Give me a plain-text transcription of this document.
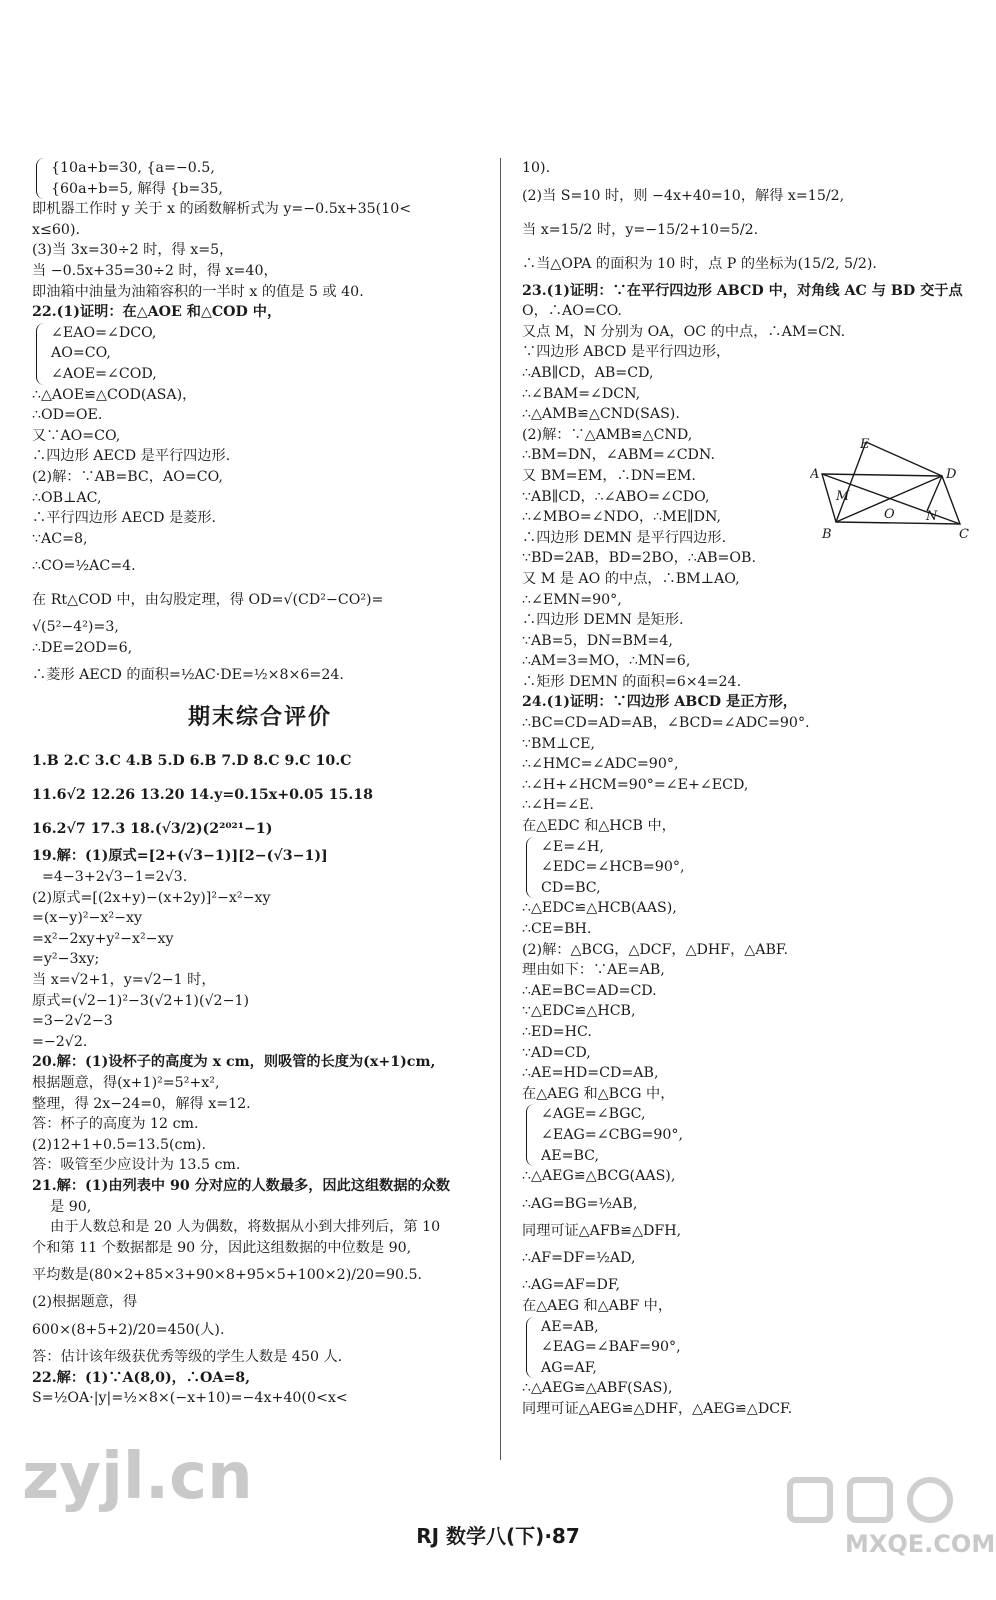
{10a+b=30, {a=−0.5,
{60a+b=5, 解得 {b=35,
即机器工作时 y 关于 x 的函数解析式为 y=−0.5x+35(10<
x≤60).
(3)当 3x=30÷2 时，得 x=5，
当 −0.5x+35=30÷2 时，得 x=40，
即油箱中油量为油箱容积的一半时 x 的值是 5 或 40.
22.(1)证明：在△AOE 和△COD 中，
∠EAO=∠DCO,
AO=CO,
∠AOE=∠COD,
∴△AOE≌△COD(ASA)，
∴OD=OE.
又∵AO=CO,
∴四边形 AECD 是平行四边形.
(2)解：∵AB=BC，AO=CO,
∴OB⊥AC,
∴平行四边形 AECD 是菱形.
∵AC=8,
∴CO=½AC=4.
在 Rt△COD 中，由勾股定理，得 OD=√(CD²−CO²)=
√(5²−4²)=3,
∴DE=2OD=6,
∴菱形 AECD 的面积=½AC·DE=½×8×6=24.
期末综合评价
1.B 2.C 3.C 4.B 5.D 6.B 7.D 8.C 9.C 10.C
11.6√2 12.26 13.20 14.y=0.15x+0.05 15.18
16.2√7 17.3 18.(√3/2)(2²⁰²¹−1)
19.解：(1)原式=[2+(√3−1)][2−(√3−1)]
=4−3+2√3−1=2√3.
(2)原式=[(2x+y)−(x+2y)]²−x²−xy
=(x−y)²−x²−xy
=x²−2xy+y²−x²−xy
=y²−3xy;
当 x=√2+1，y=√2−1 时，
原式=(√2−1)²−3(√2+1)(√2−1)
=3−2√2−3
=−2√2.
20.解：(1)设杯子的高度为 x cm，则吸管的长度为(x+1)cm,
根据题意，得(x+1)²=5²+x²,
整理，得 2x−24=0，解得 x=12.
答：杯子的高度为 12 cm.
(2)12+1+0.5=13.5(cm).
答：吸管至少应设计为 13.5 cm.
21.解：(1)由列表中 90 分对应的人数最多，因此这组数据的众数
是 90,
由于人数总和是 20 人为偶数，将数据从小到大排列后，第 10
个和第 11 个数据都是 90 分，因此这组数据的中位数是 90,
平均数是(80×2+85×3+90×8+95×5+100×2)/20=90.5.
(2)根据题意，得
600×(8+5+2)/20=450(人).
答：估计该年级获优秀等级的学生人数是 450 人.
22.解：(1)∵A(8,0)，∴OA=8,
S=½OA·|y|=½×8×(−x+10)=−4x+40(0<x<
10).
(2)当 S=10 时，则 −4x+40=10，解得 x=15/2,
当 x=15/2 时，y=−15/2+10=5/2.
∴当△OPA 的面积为 10 时，点 P 的坐标为(15/2, 5/2).
23.(1)证明：∵在平行四边形 ABCD 中，对角线 AC 与 BD 交于点
O，∴AO=CO.
又点 M，N 分别为 OA，OC 的中点，∴AM=CN.
∵四边形 ABCD 是平行四边形，
∴AB∥CD，AB=CD,
∴∠BAM=∠DCN,
∴△AMB≌△CND(SAS).
(2)解：∵△AMB≌△CND,
∴BM=DN，∠ABM=∠CDN.
又 BM=EM，∴DN=EM.
∵AB∥CD，∴∠ABO=∠CDO,
∴∠MBO=∠NDO，∴ME∥DN,
∴四边形 DEMN 是平行四边形.
∵BD=2AB，BD=2BO，∴AB=OB.
又 M 是 AO 的中点，∴BM⊥AO,
∴∠EMN=90°,
∴四边形 DEMN 是矩形.
∵AB=5，DN=BM=4,
∴AM=3=MO，∴MN=6,
∴矩形 DEMN 的面积=6×4=24.
24.(1)证明：∵四边形 ABCD 是正方形，
∴BC=CD=AD=AB，∠BCD=∠ADC=90°.
∵BM⊥CE,
∴∠HMC=∠ADC=90°,
∴∠H+∠HCM=90°=∠E+∠ECD,
∴∠H=∠E.
在△EDC 和△HCB 中，
∠E=∠H,
∠EDC=∠HCB=90°,
CD=BC,
∴△EDC≌△HCB(AAS),
∴CE=BH.
(2)解：△BCG，△DCF，△DHF，△ABF.
理由如下：∵AE=AB,
∴AE=BC=AD=CD.
∵△EDC≌△HCB,
∴ED=HC.
∵AD=CD,
∴AE=HD=CD=AB,
在△AEG 和△BCG 中，
∠AGE=∠BGC,
∠EAG=∠CBG=90°,
AE=BC,
∴△AEG≌△BCG(AAS),
∴AG=BG=½AB,
同理可证△AFB≌△DFH,
∴AF=DF=½AD,
∴AG=AF=DF,
在△AEG 和△ABF 中，
AE=AB,
∠EAG=∠BAF=90°,
AG=AF,
∴△AEG≌△ABF(SAS),
同理可证△AEG≌△DHF，△AEG≌△DCF.
A
B	C
D
E
M
N
O
RJ 数学八(下)·87
zyjl.cn
MXQE.COM
